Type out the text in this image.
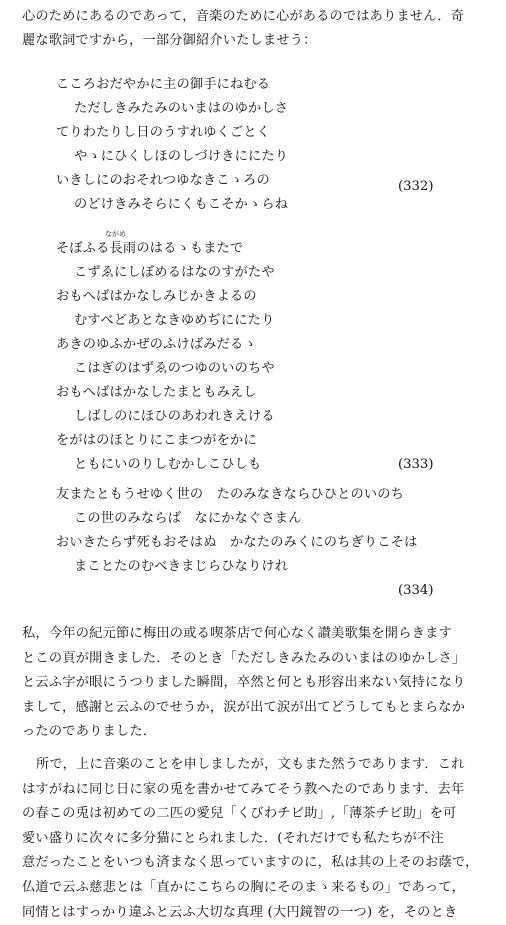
心のためにあるのであって，音楽のために心があるのではありません．奇
麗な歌詞ですから，一部分御紹介いたしませう：
こころおだやかに主の御手にねむる
ただしきみたみのいまはのゆかしさ
てりわたりし日のうすれゆくごとく
やゝにひくしほのしづけきににたり
いきしにのおそれつゆなきこゝろの
のどけきみそらにくもこそかゝらね
(332)
ながめ
そぼふる長雨のはるゝもまたで
こずゑにしぼめるはなのすがたや
おもへばはかなしみじかきよるの
むすべどあとなきゆめぢににたり
あきのゆふかぜのふけばみだるゝ
こはぎのはずゑのつゆのいのちや
おもへばはかなしたまともみえし
しばしのにほひのあわれきえける
をがはのほとりにこまつがをかに
ともにいのりしむかしこひしも	(333)
友またともうせゆく世の　たのみなきならひひとのいのち
この世のみならば　なにかなぐさまん
おいきたらず死もおそはぬ　かなたのみくにのちぎりこそは
まことたのむべきまじらひなりけれ
(334)

私，今年の紀元節に梅田の或る喫茶店で何心なく讃美歌集を開らきます

とこの頁が開きました．そのとき「ただしきみたみのいまはのゆかしさ」

と云ふ字が眼にうつりました瞬間，卒然と何とも形容出来ない気持になり

まして，感謝と云ふのでせうか，涙が出て涙が出てどうしてもとまらなか

ったのでありました．

所で，上に音楽のことを申しましたが，文もまた然うであります．これ

はすがねに同じ日に家の兎を書かせてみてそう教へたのであります．去年

の春この兎は初めての二匹の愛兒「くびわチビ助」,「薄茶チビ助」を可

愛い盛りに次々に多分猫にとられました．(それだけでも私たちが不注

意だったことをいつも済まなく思っていますのに，私は其の上そのお蔭で，

仏道で云ふ慈悲とは「直かにこちらの胸にそのまゝ来るもの」であって，

同情とはすっかり違ふと云ふ大切な真理 (大円鏡智の一つ) を，そのとき
